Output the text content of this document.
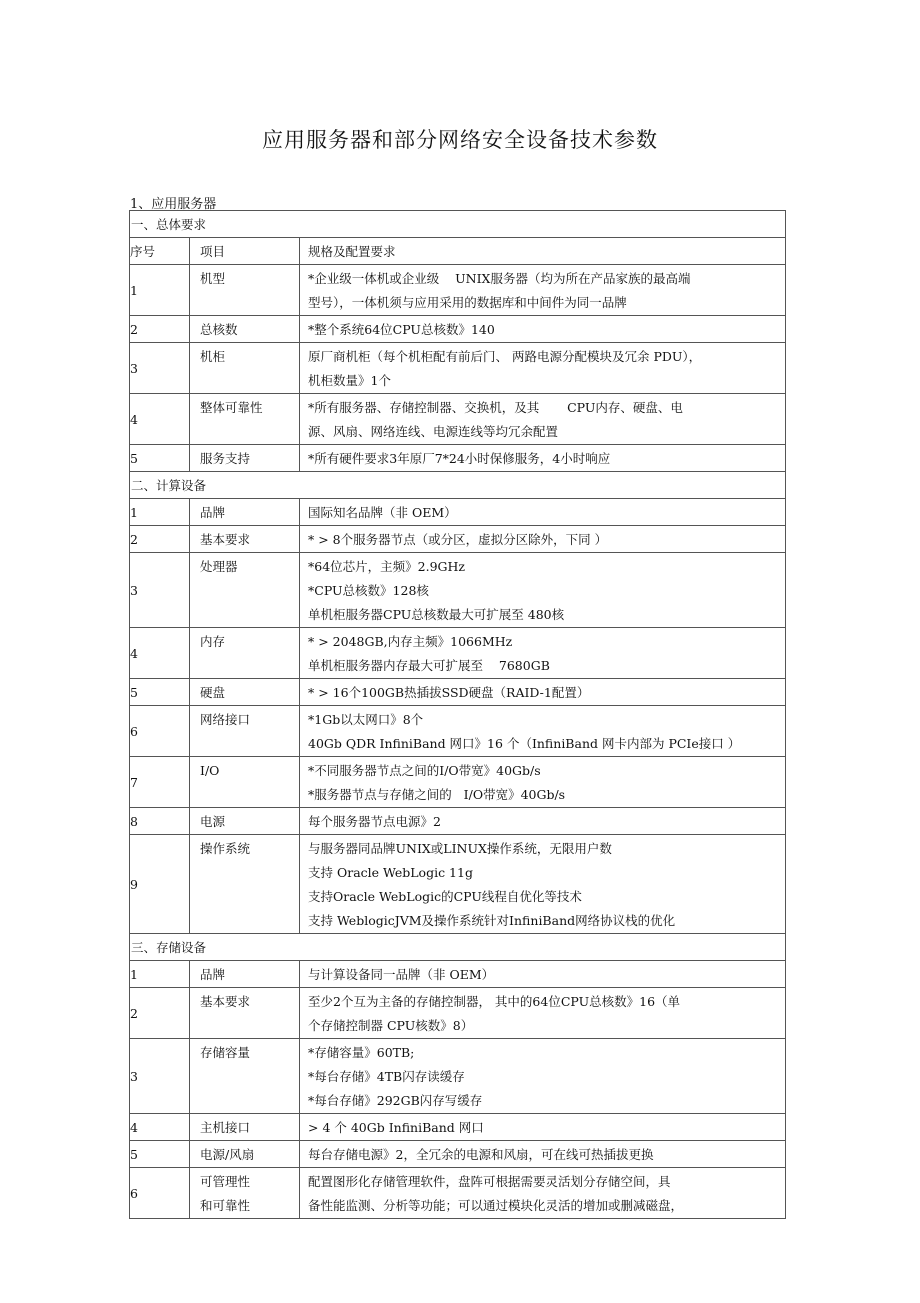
应用服务器和部分网络安全设备技术参数
1、应用服务器
一、总体要求		
序号	项目	规格及配置要求
1	机型	*企业级一体机或企业级    UNIX服务器（均为所在产品家族的最高端
型号），一体机须与应用采用的数据库和中间件为同一品牌

2	总核数	*整个系统64位CPU总核数》140

3	机柜	原厂商机柜（每个机柜配有前后门、 两路电源分配模块及冗余 PDU），
机柜数量》1个

4	整体可靠性	*所有服务器、存储控制器、交换机，及其       CPU内存、硬盘、电
源、风扇、网络连线、电源连线等均冗余配置

5	服务支持	*所有硬件要求3年原厂7*24小时保修服务，4小时响应

二、计算设备		
1	品牌	国际知名品牌（非 OEM）

2	基本要求	* > 8个服务器节点（或分区，虚拟分区除外，下同 ）

3	处理器	*64位芯片，主频》2.9GHz
*CPU总核数》128核
单机柜服务器CPU总核数最大可扩展至 480核

4	内存	* > 2048GB,内存主频》1066MHz
单机柜服务器内存最大可扩展至    7680GB

5	硬盘	* > 16个100GB热插拔SSD硬盘（RAID-1配置）

6	网络接口	*1Gb以太网口》8个
40Gb QDR InfiniBand 网口》16 个（InfiniBand 网卡内部为 PCIe接口 ）

7	I/O	*不同服务器节点之间的I/O带宽》40Gb/s
*服务器节点与存储之间的   I/O带宽》40Gb/s

8	电源	每个服务器节点电源》2

9	操作系统	与服务器同品牌UNIX或LINUX操作系统，无限用户数
支持 Oracle WebLogic 11g
支持Oracle WebLogic的CPU线程自优化等技术
支持 WeblogicJVM及操作系统针对InfiniBand网络协议栈的优化

三、存储设备		
1	品牌	与计算设备同一品牌（非 OEM）

2	基本要求	至少2个互为主备的存储控制器， 其中的64位CPU总核数》16（单
个存储控制器 CPU核数》8）

3	存储容量	*存储容量》60TB;
*每台存储》4TB闪存读缓存
*每台存储》292GB闪存写缓存

4	主机接口	> 4 个 40Gb InfiniBand 网口

5	电源/风扇	每台存储电源》2，全冗余的电源和风扇，可在线可热插拔更换

6	可管理性
和可靠性	配置图形化存储管理软件，盘阵可根据需要灵活划分存储空间，具
备性能监测、分析等功能；可以通过模块化灵活的增加或删减磁盘，
